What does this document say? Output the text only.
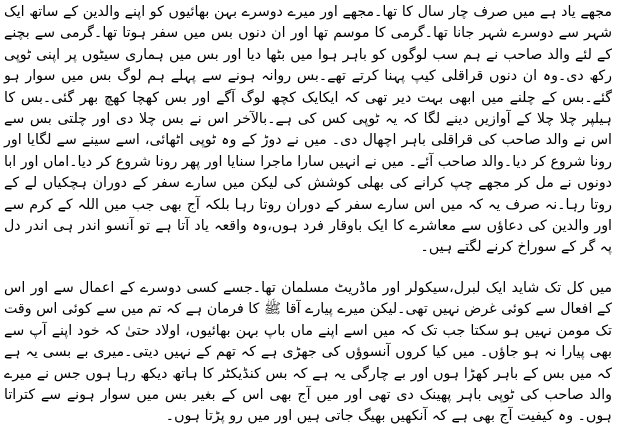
مجھے یاد ہے میں صرف چار سال کا تھا۔مجھے اور میرے دوسرے بہن بھائیوں کو اپنے والدین کے ساتھ ایک شہر سے دوسرے شہر جانا تھا۔گرمی کا موسم تھا اور ان دنوں بس میں سفر ہوتا تھا۔گرمی سے بچنے کے لئے والد صاحب نے ہم سب لوگوں کو باہر ہوا میں بٹھا دیا اور بس میں ہماری سیٹوں پر اپنی ٹوپی رکھ دی۔وہ ان دنوں قراقلی کیپ پہنا کرتے تھے۔بس روانہ ہونے سے پہلے ہم لوگ بس میں سوار ہو گئے۔بس کے چلنے میں ابھی بہت دیر تھی کہ ایکایک کچھ لوگ آگے اور بس کھچا کھچ بھر گئی۔بس کا ہیلپر چلا چلا کے آوازیں دینے لگا کہ یہ ٹوپی کس کی ہے۔بالآخر اس نے بس چلا دی اور چلتی بس سے اس نے والد صاحب کی قراقلی باہر اچھال دی۔ میں نے دوڑ کے وہ ٹوپی اٹھائی، اسے سینے سے لگایا اور رونا شروع کر دیا۔والد صاحب آئے۔ میں نے انہیں سارا ماجرا سنایا اور پھر رونا شروع کر دیا۔اماں اور ابا دونوں نے مل کر مجھے چپ کرانے کی بھلی کوشش کی لیکن میں سارے سفر کے دوران ہچکیاں لے کے روتا رہا۔نہ صرف یہ کہ میں اس سارے سفر کے دوران روتا رہا بلکہ آج بھی جب میں اللہ کے کرم سے اور والدین کی دعاؤں سے معاشرے کا ایک باوقار فرد ہوں،وہ واقعہ یاد آتا ہے تو آنسو اندر ہی اندر دل پہ گر کے سوراخ کرنے لگتے ہیں۔

میں کل تک شاید ایک لبرل،سیکولر اور ماڈریٹ مسلمان تھا۔جسے کسی دوسرے کے اعمال سے اور اس کے افعال سے کوئی غرض نہیں تھی۔لیکن میرے پیارے آقا ﷺ کا فرمان ہے کہ تم میں سے کوئی اس وقت تک مومن نہیں ہو سکتا جب تک کہ میں اسے اپنے ماں باپ بہن بھائیوں، اولاد حتیٰ کہ خود اپنے آپ سے بھی پیارا نہ ہو جاؤں۔ میں کیا کروں آنسوؤں کی جھڑی ہے کہ تھم کے نہیں دیتی۔میری بے بسی یہ ہے کہ میں بس کے باہر کھڑا ہوں اور بے چارگی یہ ہے کہ بس کنڈیکٹر کا ہاتھ دیکھ رہا ہوں جس نے میرے والد صاحب کی ٹوپی باہر پھینک دی تھی اور میں آج بھی اس کے بغیر بس میں سوار ہونے سے کتراتا ہوں۔ وہ کیفیت آج بھی ہے کہ آنکھیں بھیگ جاتی ہیں اور میں رو پڑتا ہوں۔
